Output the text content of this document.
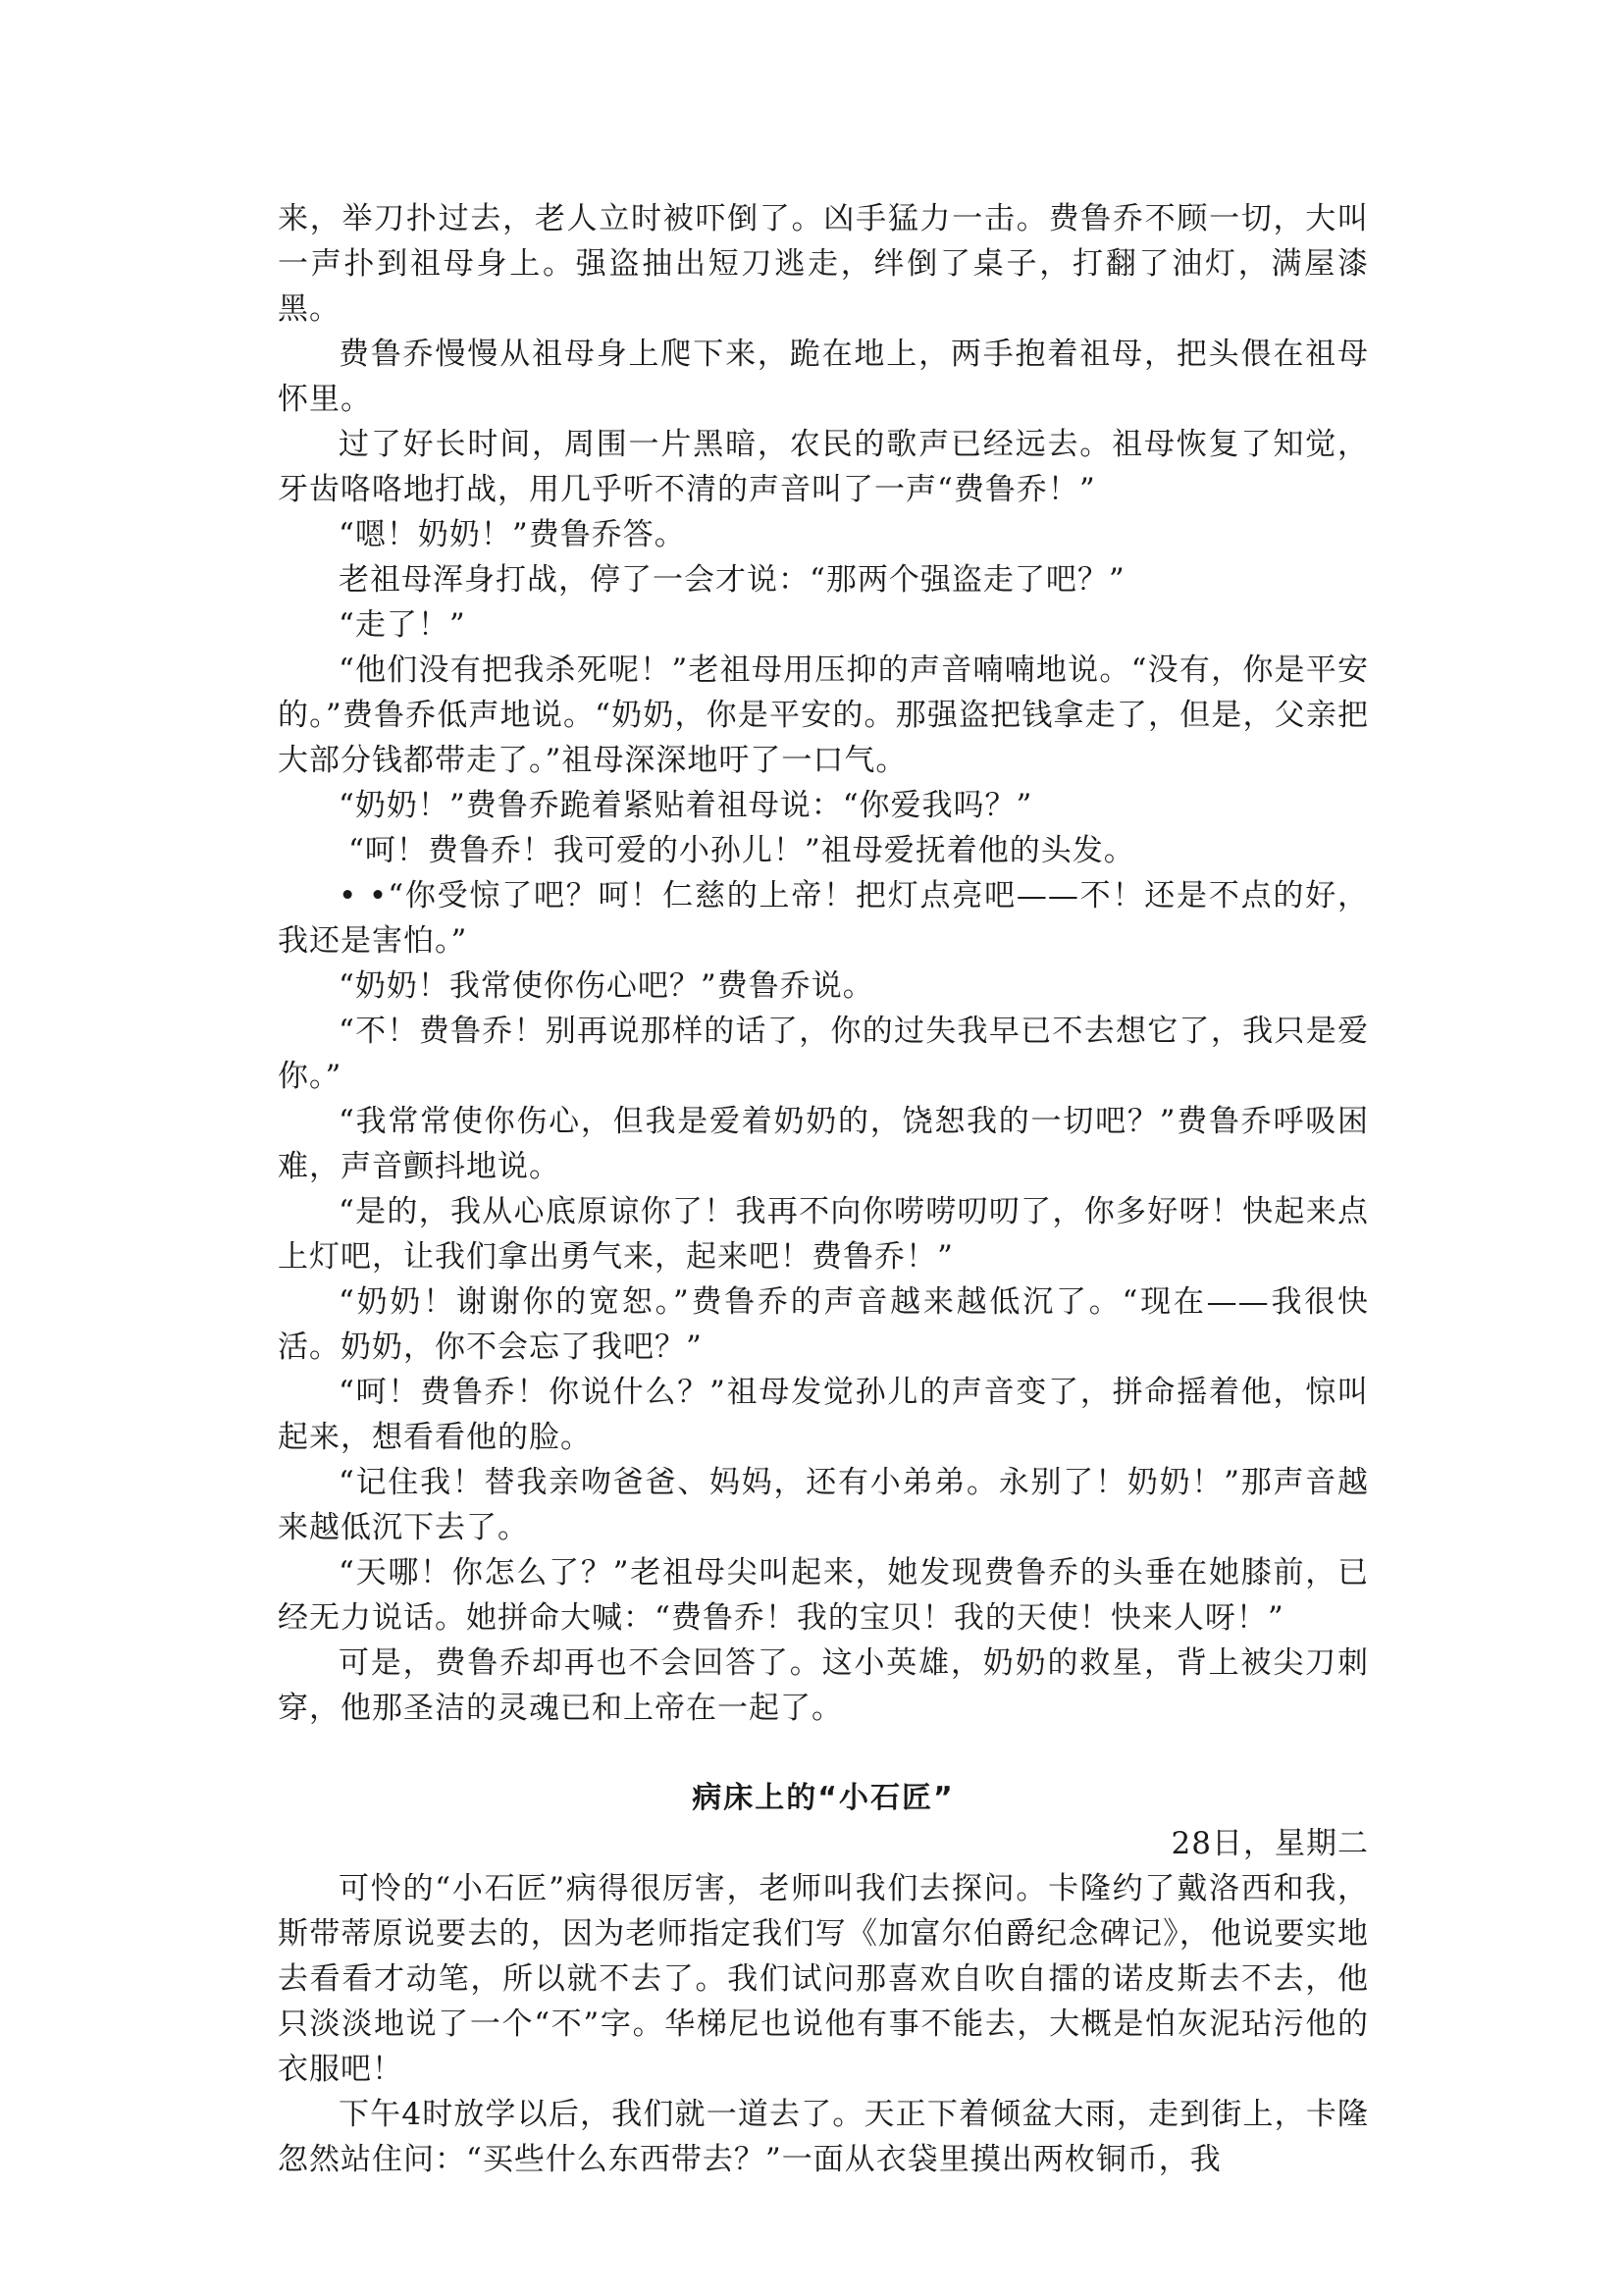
来，举刀扑过去，老人立时被吓倒了。凶手猛力一击。费鲁乔不顾一切，大叫一声扑到祖母身上。强盗抽出短刀逃走，绊倒了桌子，打翻了油灯，满屋漆黑。

费鲁乔慢慢从祖母身上爬下来，跪在地上，两手抱着祖母，把头偎在祖母怀里。

过了好长时间，周围一片黑暗，农民的歌声已经远去。祖母恢复了知觉，牙齿咯咯地打战，用几乎听不清的声音叫了一声“费鲁乔！”

“嗯！奶奶！”费鲁乔答。

老祖母浑身打战，停了一会才说：“那两个强盗走了吧？”

“走了！”

“他们没有把我杀死呢！”老祖母用压抑的声音喃喃地说。“没有，你是平安的。”费鲁乔低声地说。“奶奶，你是平安的。那强盗把钱拿走了，但是，父亲把大部分钱都带走了。”祖母深深地吁了一口气。

“奶奶！”费鲁乔跪着紧贴着祖母说：“你爱我吗？”

“呵！费鲁乔！我可爱的小孙儿！”祖母爱抚着他的头发。

• •“你受惊了吧？呵！仁慈的上帝！把灯点亮吧——不！还是不点的好，我还是害怕。”

“奶奶！我常使你伤心吧？”费鲁乔说。

“不！费鲁乔！别再说那样的话了，你的过失我早已不去想它了，我只是爱你。”

“我常常使你伤心，但我是爱着奶奶的，饶恕我的一切吧？”费鲁乔呼吸困难，声音颤抖地说。

“是的，我从心底原谅你了！我再不向你唠唠叨叨了，你多好呀！快起来点上灯吧，让我们拿出勇气来，起来吧！费鲁乔！”

“奶奶！谢谢你的宽恕。”费鲁乔的声音越来越低沉了。“现在——我很快活。奶奶，你不会忘了我吧？”

“呵！费鲁乔！你说什么？”祖母发觉孙儿的声音变了，拼命摇着他，惊叫起来，想看看他的脸。

“记住我！替我亲吻爸爸、妈妈，还有小弟弟。永别了！奶奶！”那声音越来越低沉下去了。

“天哪！你怎么了？”老祖母尖叫起来，她发现费鲁乔的头垂在她膝前，已经无力说话。她拼命大喊：“费鲁乔！我的宝贝！我的天使！快来人呀！”

可是，费鲁乔却再也不会回答了。这小英雄，奶奶的救星，背上被尖刀刺穿，他那圣洁的灵魂已和上帝在一起了。

病床上的“小石匠”

28日，星期二

可怜的“小石匠”病得很厉害，老师叫我们去探问。卡隆约了戴洛西和我，斯带蒂原说要去的，因为老师指定我们写《加富尔伯爵纪念碑记》，他说要实地去看看才动笔，所以就不去了。我们试问那喜欢自吹自擂的诺皮斯去不去，他只淡淡地说了一个“不”字。华梯尼也说他有事不能去，大概是怕灰泥玷污他的衣服吧！

下午4时放学以后，我们就一道去了。天正下着倾盆大雨，走到街上，卡隆忽然站住问：“买些什么东西带去？”一面从衣袋里摸出两枚铜币，我
